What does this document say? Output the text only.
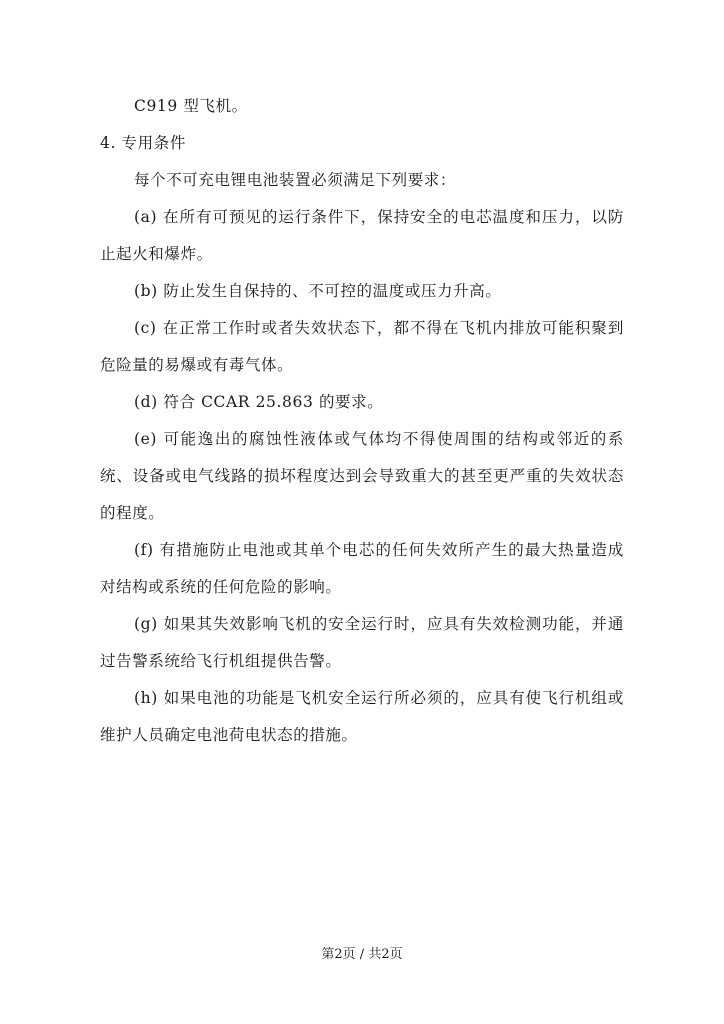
C919 型飞机。

4. 专用条件

每个不可充电锂电池装置必须满足下列要求：

(a) 在所有可预见的运行条件下，保持安全的电芯温度和压力，以防止起火和爆炸。

(b) 防止发生自保持的、不可控的温度或压力升高。

(c) 在正常工作时或者失效状态下，都不得在飞机内排放可能积聚到危险量的易爆或有毒气体。

(d) 符合 CCAR 25.863 的要求。

(e) 可能逸出的腐蚀性液体或气体均不得使周围的结构或邻近的系统、设备或电气线路的损坏程度达到会导致重大的甚至更严重的失效状态的程度。

(f) 有措施防止电池或其单个电芯的任何失效所产生的最大热量造成对结构或系统的任何危险的影响。

(g) 如果其失效影响飞机的安全运行时，应具有失效检测功能，并通过告警系统给飞行机组提供告警。

(h) 如果电池的功能是飞机安全运行所必须的，应具有使飞行机组或维护人员确定电池荷电状态的措施。

第2页 / 共2页
